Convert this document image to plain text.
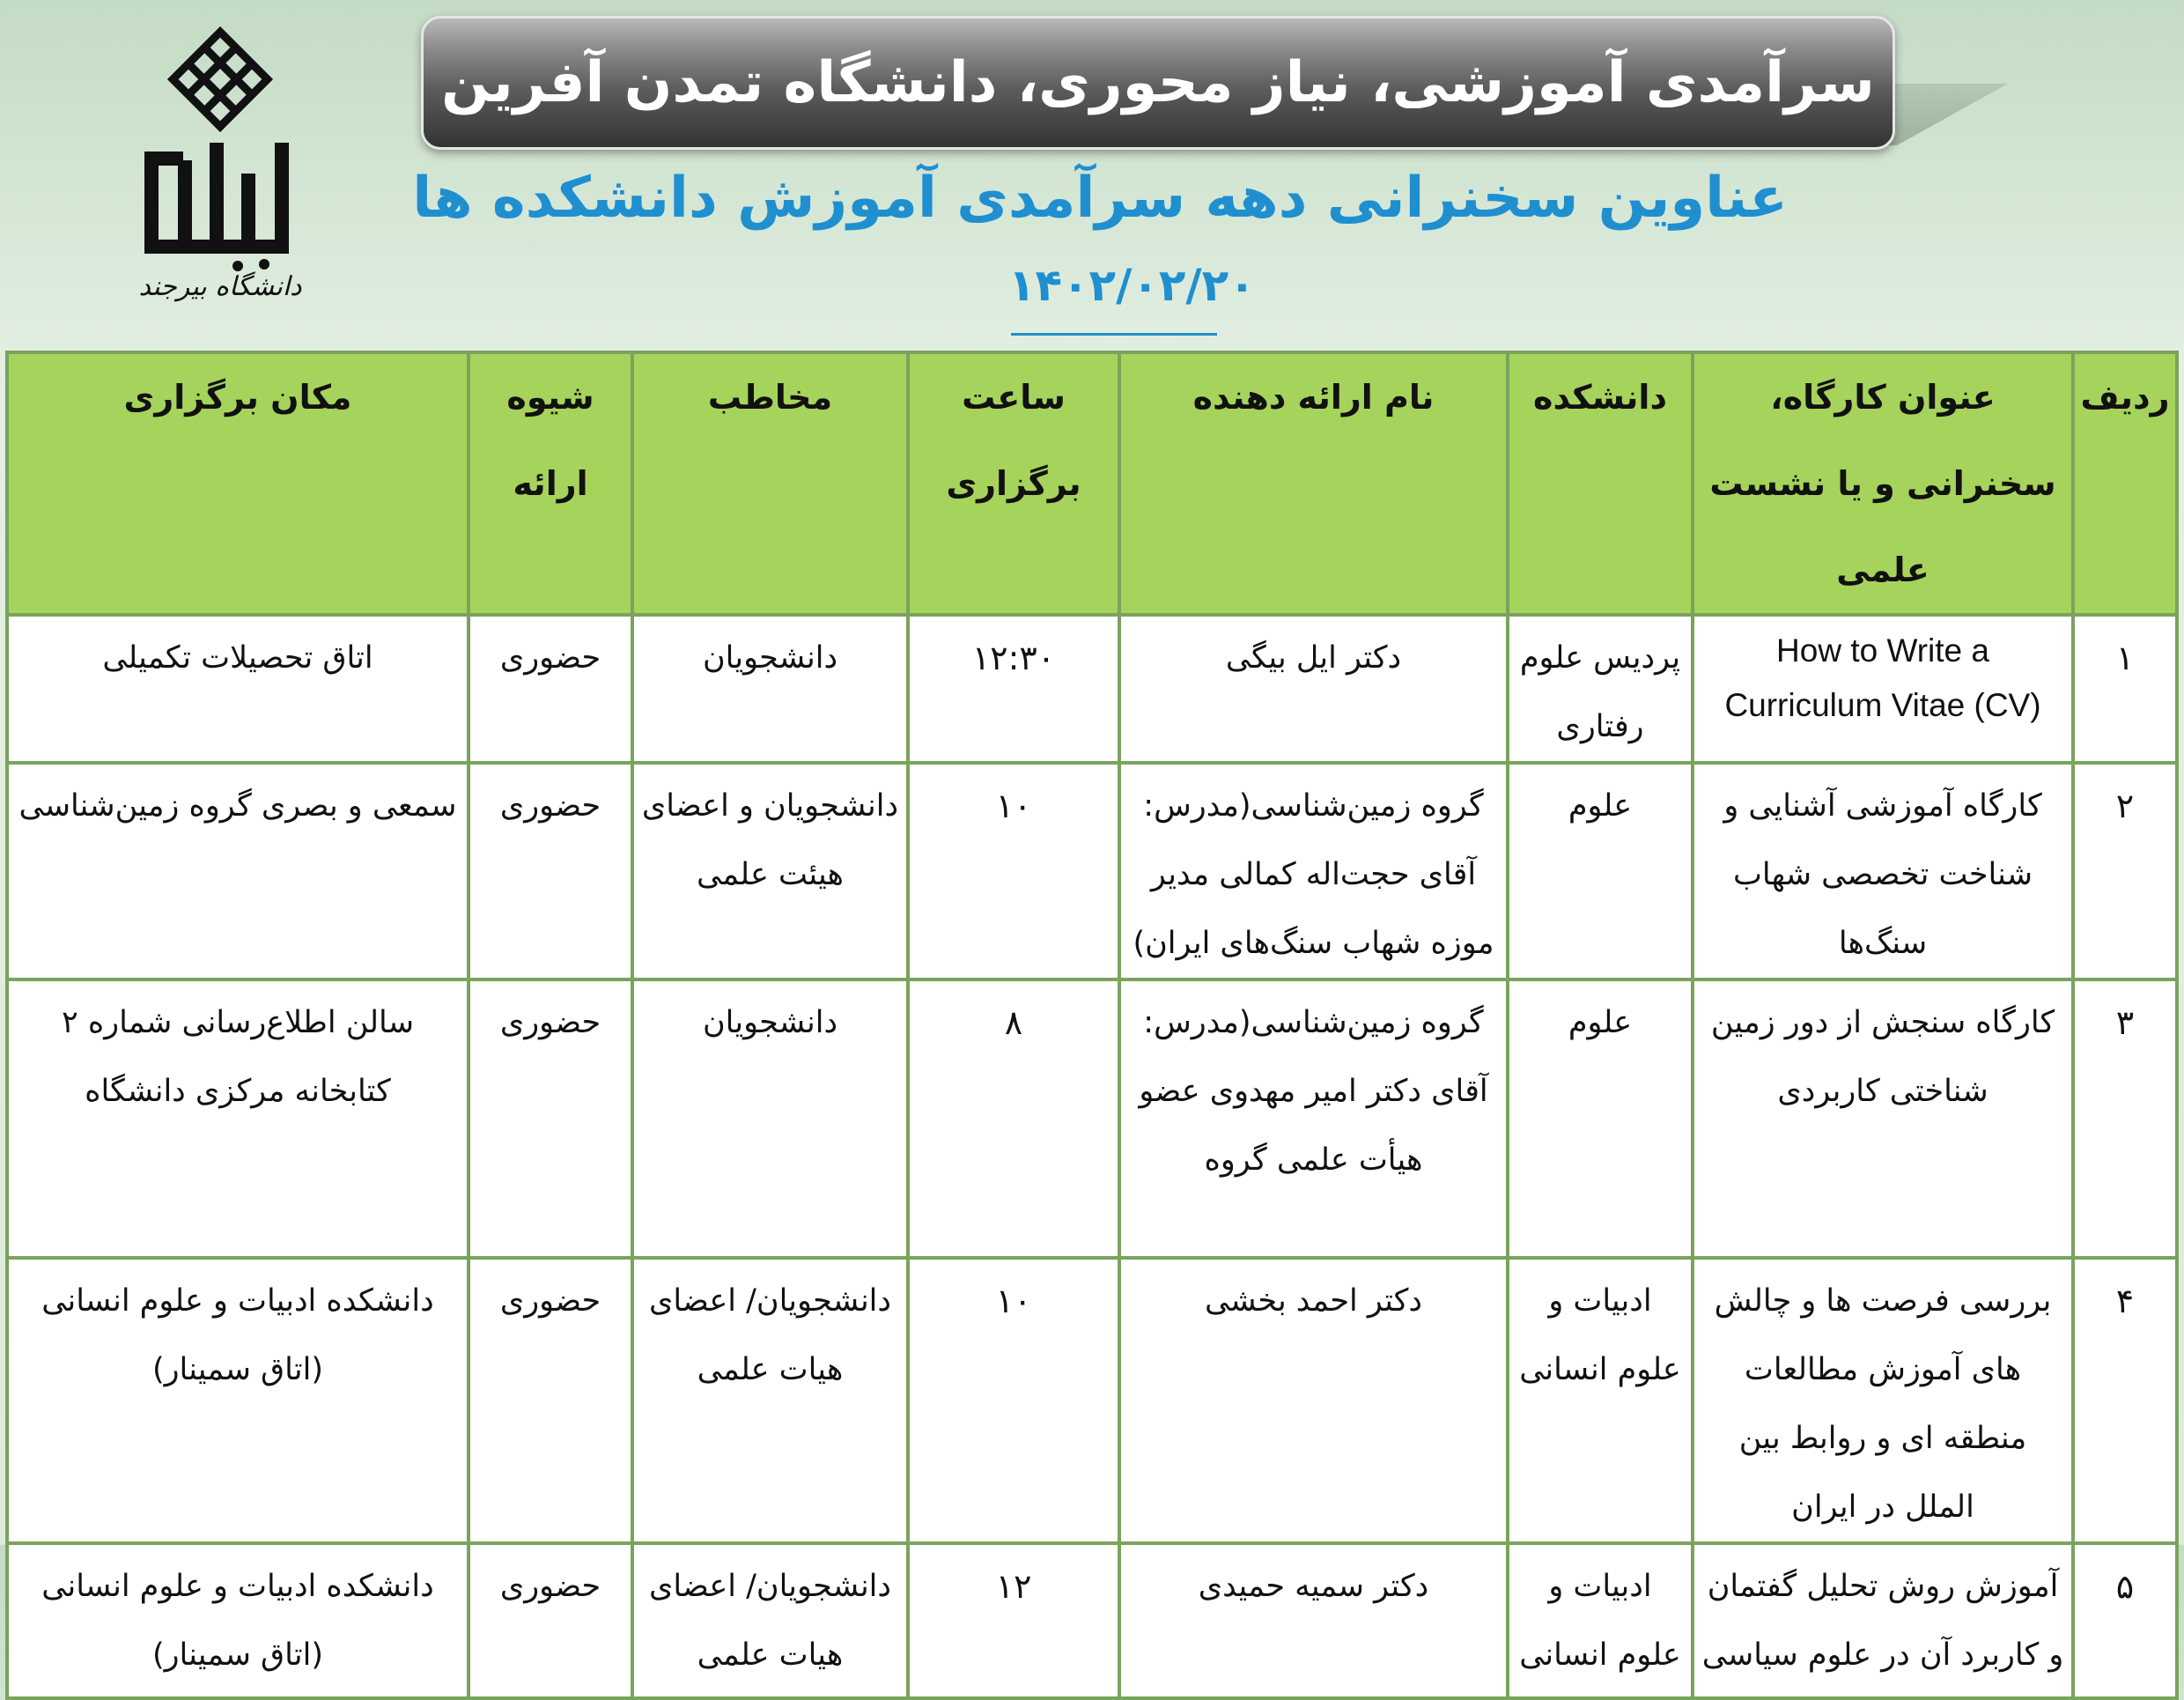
سرآمدی آموزشی، نیاز محوری، دانشگاه تمدن آفرین
دانشگاه بیرجند
عناوین سخنرانی دهه سرآمدی آموزش دانشکده ها
۱۴۰۲/۰۲/۲۰
ردیف	عنوان کارگاه، سخنرانی و یا نشست علمی	دانشکده	نام ارائه دهنده	ساعت برگزاری	مخاطب	شیوه ارائه	مکان برگزاری
۱	How to Write a Curriculum Vitae (CV)	پردیس علوم رفتاری	دکتر ایل بیگی	۱۲:۳۰	دانشجویان	حضوری	اتاق تحصیلات تکمیلی
۲	کارگاه آموزشی آشنایی و شناخت تخصصی شهاب سنگ‌ها	علوم	گروه زمین‌شناسی(مدرس: آقای حجت‌اله کمالی مدیر موزه شهاب سنگ‌های ایران)	۱۰	دانشجویان و اعضای هیئت علمی	حضوری	سمعی و بصری گروه زمین‌شناسی
۳	کارگاه سنجش از دور زمین شناختی کاربردی	علوم	گروه زمین‌شناسی(مدرس: آقای دکتر امیر مهدوی عضو هیأت علمی گروه	۸	دانشجویان	حضوری	سالن اطلاع‌رسانی شماره ۲ کتابخانه مرکزی دانشگاه
۴	بررسی فرصت ها و چالش های آموزش مطالعات منطقه ای و روابط بین الملل در ایران	ادبیات و علوم انسانی	دکتر احمد بخشی	۱۰	دانشجویان/ اعضای هیات علمی	حضوری	دانشکده ادبیات و علوم انسانی (اتاق سمینار)
۵	آموزش روش تحلیل گفتمان و کاربرد آن در علوم سیاسی	ادبیات و علوم انسانی	دکتر سمیه حمیدی	۱۲	دانشجویان/ اعضای هیات علمی	حضوری	دانشکده ادبیات و علوم انسانی (اتاق سمینار)
